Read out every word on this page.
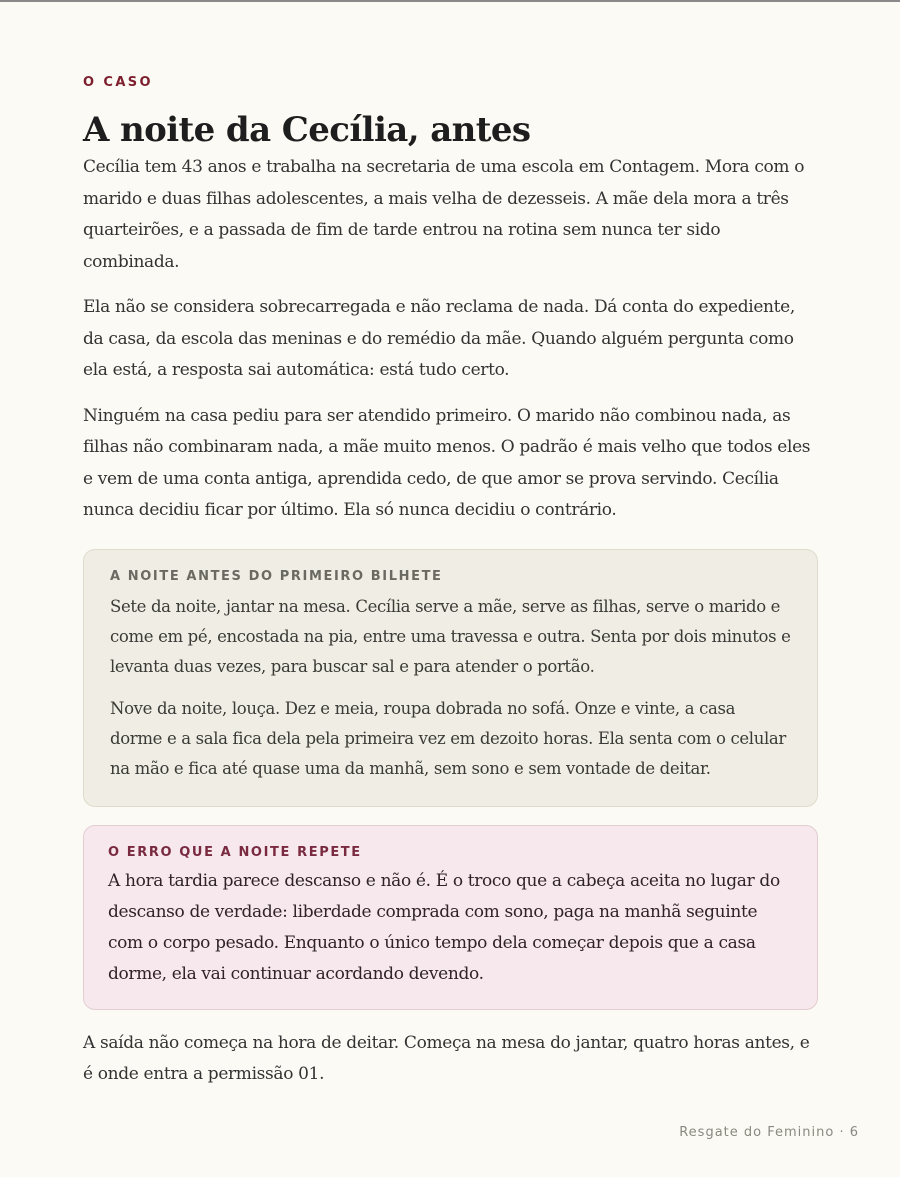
O CASO

A noite da Cecília, antes

Cecília tem 43 anos e trabalha na secretaria de uma escola em Contagem. Mora com o marido e duas filhas adolescentes, a mais velha de dezesseis. A mãe dela mora a três quarteirões, e a passada de fim de tarde entrou na rotina sem nunca ter sido combinada.

Ela não se considera sobrecarregada e não reclama de nada. Dá conta do expediente, da casa, da escola das meninas e do remédio da mãe. Quando alguém pergunta como ela está, a resposta sai automática: está tudo certo.

Ninguém na casa pediu para ser atendido primeiro. O marido não combinou nada, as filhas não combinaram nada, a mãe muito menos. O padrão é mais velho que todos eles e vem de uma conta antiga, aprendida cedo, de que amor se prova servindo. Cecília nunca decidiu ficar por último. Ela só nunca decidiu o contrário.

A NOITE ANTES DO PRIMEIRO BILHETE

Sete da noite, jantar na mesa. Cecília serve a mãe, serve as filhas, serve o marido e come em pé, encostada na pia, entre uma travessa e outra. Senta por dois minutos e levanta duas vezes, para buscar sal e para atender o portão.

Nove da noite, louça. Dez e meia, roupa dobrada no sofá. Onze e vinte, a casa dorme e a sala fica dela pela primeira vez em dezoito horas. Ela senta com o celular na mão e fica até quase uma da manhã, sem sono e sem vontade de deitar.

O ERRO QUE A NOITE REPETE

A hora tardia parece descanso e não é. É o troco que a cabeça aceita no lugar do descanso de verdade: liberdade comprada com sono, paga na manhã seguinte com o corpo pesado. Enquanto o único tempo dela começar depois que a casa dorme, ela vai continuar acordando devendo.

A saída não começa na hora de deitar. Começa na mesa do jantar, quatro horas antes, e é onde entra a permissão 01.

Resgate do Feminino · 6
